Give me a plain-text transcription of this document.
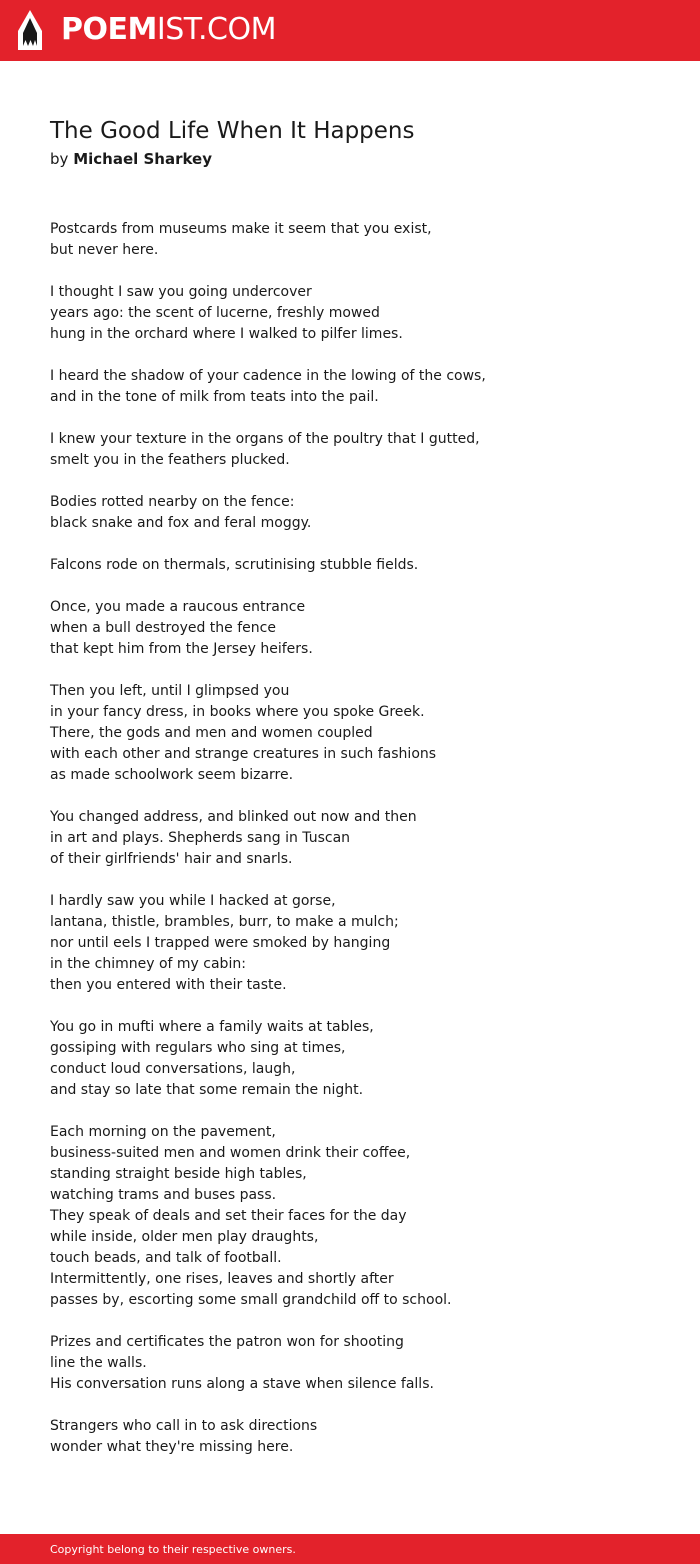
POEMIST.COM
The Good Life When It Happens
by Michael Sharkey
Postcards from museums make it seem that you exist,
but never here.
I thought I saw you going undercover
years ago: the scent of lucerne, freshly mowed
hung in the orchard where I walked to pilfer limes.
I heard the shadow of your cadence in the lowing of the cows,
and in the tone of milk from teats into the pail.
I knew your texture in the organs of the poultry that I gutted,
smelt you in the feathers plucked.
Bodies rotted nearby on the fence:
black snake and fox and feral moggy.
Falcons rode on thermals, scrutinising stubble fields.
Once, you made a raucous entrance
when a bull destroyed the fence
that kept him from the Jersey heifers.
Then you left, until I glimpsed you
in your fancy dress, in books where you spoke Greek.
There, the gods and men and women coupled
with each other and strange creatures in such fashions
as made schoolwork seem bizarre.
You changed address, and blinked out now and then
in art and plays. Shepherds sang in Tuscan
of their girlfriends' hair and snarls.
I hardly saw you while I hacked at gorse,
lantana, thistle, brambles, burr, to make a mulch;
nor until eels I trapped were smoked by hanging
in the chimney of my cabin:
then you entered with their taste.
You go in mufti where a family waits at tables,
gossiping with regulars who sing at times,
conduct loud conversations, laugh,
and stay so late that some remain the night.
Each morning on the pavement,
business-suited men and women drink their coffee,
standing straight beside high tables,
watching trams and buses pass.
They speak of deals and set their faces for the day
while inside, older men play draughts,
touch beads, and talk of football.
Intermittently, one rises, leaves and shortly after
passes by, escorting some small grandchild off to school.
Prizes and certificates the patron won for shooting
line the walls.
His conversation runs along a stave when silence falls.
Strangers who call in to ask directions
wonder what they're missing here.
Copyright belong to their respective owners.
